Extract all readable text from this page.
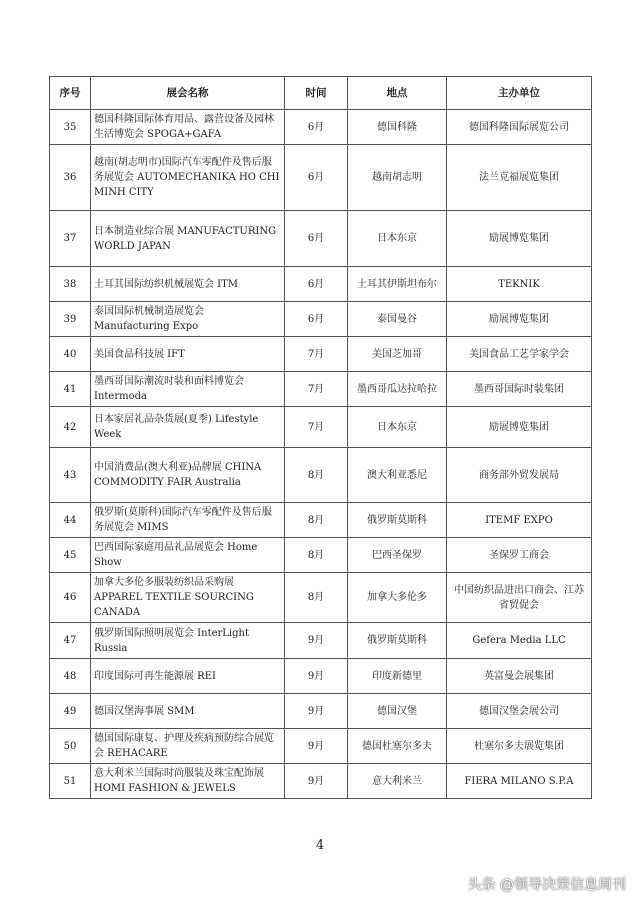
序号	展会名称	时间	地点	主办单位
35	德国科隆国际体育用品、露营设备及园林生活博览会 SPOGA+GAFA	6月	德国科隆	德国科隆国际展览公司
36	越南(胡志明市)国际汽车零配件及售后服务展览会 AUTOMECHANIKA HO CHI MINH CITY	6月	越南胡志明	法兰克福展览集团
37	日本制造业综合展 MANUFACTURING WORLD JAPAN	6月	日本东京	励展博览集团
38	土耳其国际纺织机械展览会 ITM	6月	土耳其伊斯坦布尔	TEKNIK
39	泰国国际机械制造展览会 Manufacturing Expo	6月	泰国曼谷	励展博览集团
40	美国食品科技展 IFT	7月	美国芝加哥	美国食品工艺学家学会
41	墨西哥国际潮流时装和面料博览会 Intermoda	7月	墨西哥瓜达拉哈拉	墨西哥国际时装集团
42	日本家居礼品杂货展(夏季) Lifestyle Week	7月	日本东京	励展博览集团
43	中国消费品(澳大利亚)品牌展 CHINA COMMODITY FAIR Australia	8月	澳大利亚悉尼	商务部外贸发展局
44	俄罗斯(莫斯科)国际汽车零配件及售后服务展览会 MIMS	8月	俄罗斯莫斯科	ITEMF EXPO
45	巴西国际家庭用品礼品展览会 Home Show	8月	巴西圣保罗	圣保罗工商会
46	加拿大多伦多服装纺织品采购展 APPAREL TEXTILE SOURCING CANADA	8月	加拿大多伦多	中国纺织品进出口商会、江苏省贸促会
47	俄罗斯国际照明展览会 InterLight Russia	9月	俄罗斯莫斯科	Gefera Media LLC
48	印度国际可再生能源展 REI	9月	印度新德里	英富曼会展集团
49	德国汉堡海事展 SMM	9月	德国汉堡	德国汉堡会展公司
50	德国国际康复、护理及疾病预防综合展览会 REHACARE	9月	德国杜塞尔多夫	杜塞尔多夫展览集团
51	意大利米兰国际时尚服装及珠宝配饰展 HOMI FASHION & JEWELS	9月	意大利米兰	FIERA MILANO S.P.A
4
头条 @领导决策信息周刊
